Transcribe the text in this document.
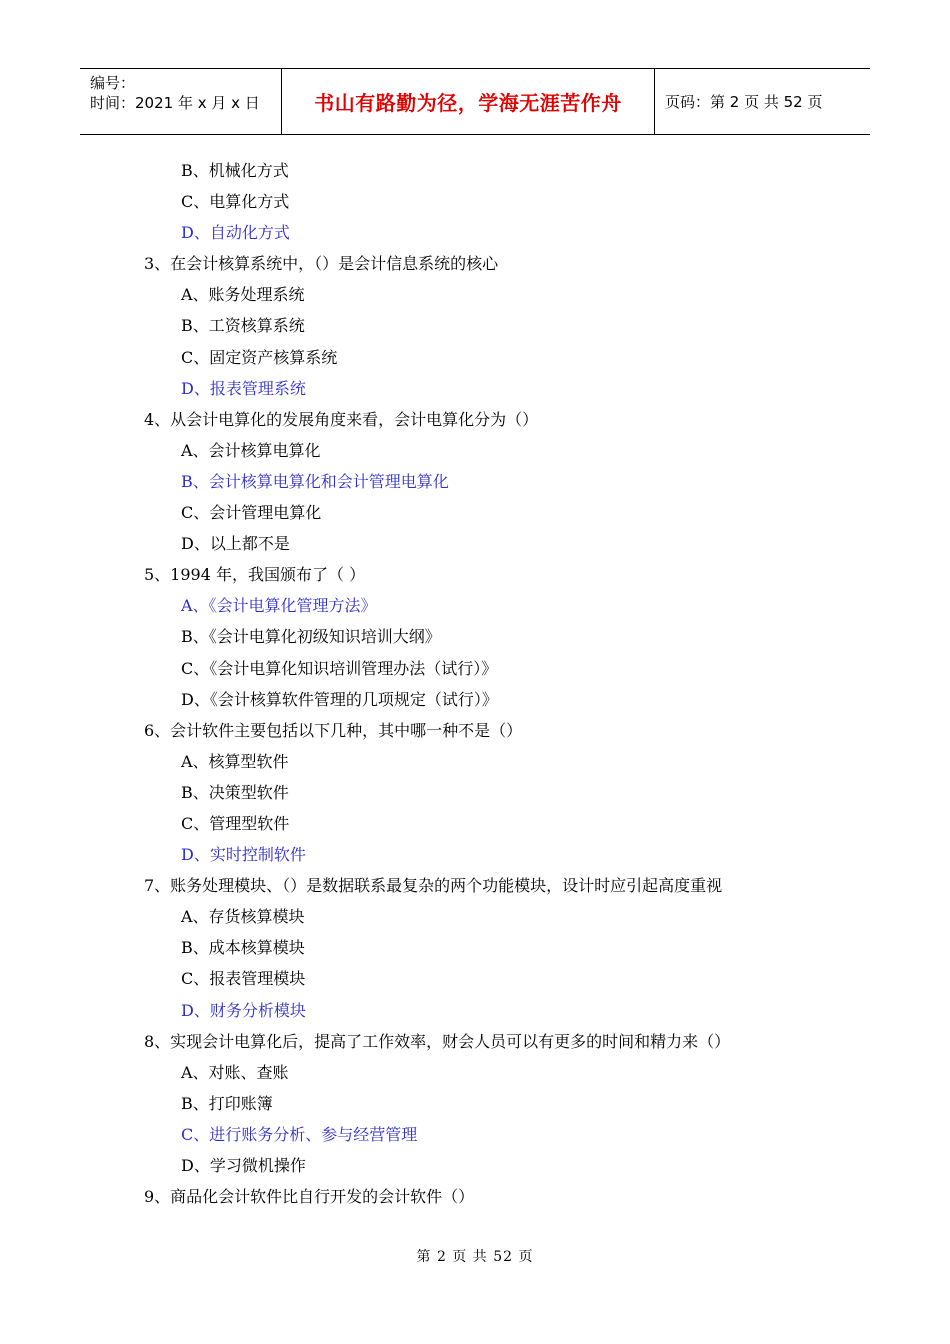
编号：
时间：2021 年 x 月 x 日	书山有路勤为径，学海无涯苦作舟	页码：第 2 页 共 52 页
B、机械化方式
C、电算化方式
D、自动化方式
3、在会计核算系统中，（）是会计信息系统的核心
A、账务处理系统
B、工资核算系统
C、固定资产核算系统
D、报表管理系统
4、从会计电算化的发展角度来看，会计电算化分为（）
A、会计核算电算化
B、会计核算电算化和会计管理电算化
C、会计管理电算化
D、以上都不是
5、1994 年，我国颁布了（ ）
A、《会计电算化管理方法》
B、《会计电算化初级知识培训大纲》
C、《会计电算化知识培训管理办法（试行）》
D、《会计核算软件管理的几项规定（试行）》
6、会计软件主要包括以下几种，其中哪一种不是（）
A、核算型软件
B、决策型软件
C、管理型软件
D、实时控制软件
7、账务处理模块、（）是数据联系最复杂的两个功能模块，设计时应引起高度重视
A、存货核算模块
B、成本核算模块
C、报表管理模块
D、财务分析模块
8、实现会计电算化后，提高了工作效率，财会人员可以有更多的时间和精力来（）
A、对账、查账
B、打印账簿
C、进行账务分析、参与经营管理
D、学习微机操作
9、商品化会计软件比自行开发的会计软件（）
第 2 页 共 52 页
